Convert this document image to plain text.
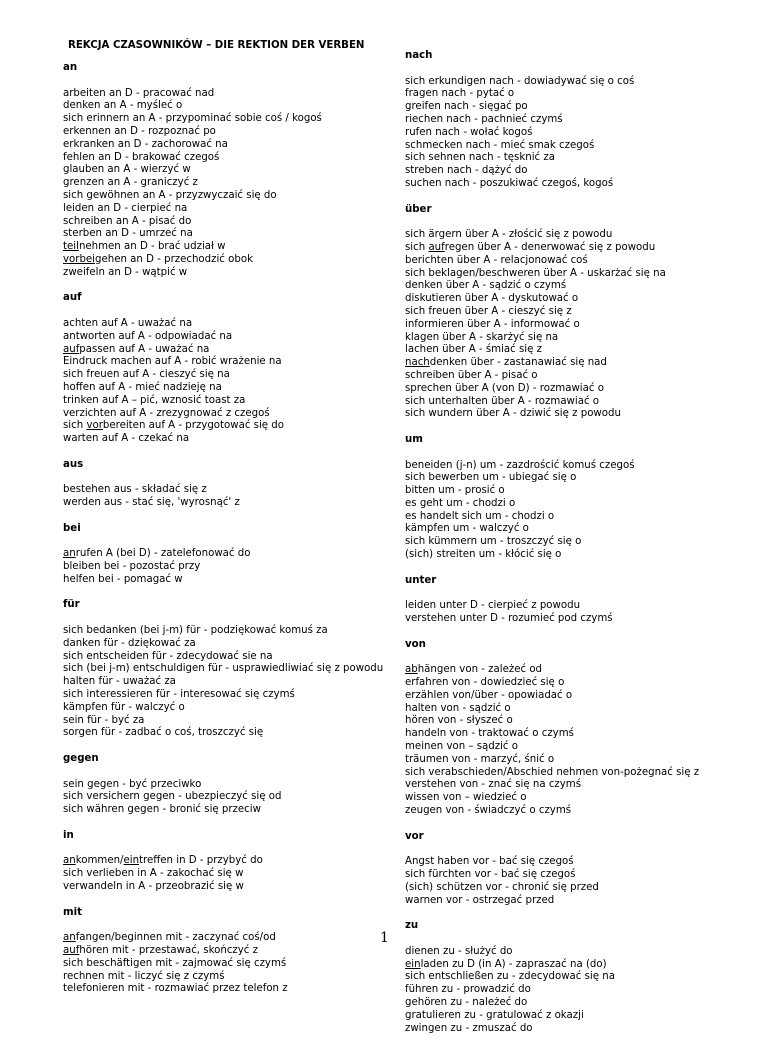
REKCJA CZASOWNIKÓW – DIE REKTION DER VERBEN
an
arbeiten an D - pracować nad
denken an A - myśleć o
sich erinnern an A - przypominać sobie coś / kogoś
erkennen an D - rozpoznać po
erkranken an D - zachorować na
fehlen an D - brakować czegoś
glauben an A - wierzyć w
grenzen an A - graniczyć z
sich gewöhnen an A - przyzwyczaić się do
leiden an D - cierpieć na
schreiben an A - pisać do
sterben an D - umrzeć na
teilnehmen an D - brać udział w
vorbeigehen an D - przechodzić obok
zweifeln an D - wątpić w
auf
achten auf A - uważać na
antworten auf A - odpowiadać na
aufpassen auf A - uważać na
Eindruck machen auf A - robić wrażenie na
sich freuen auf A - cieszyć się na
hoffen auf A - mieć nadzieję na
trinken auf A – pić, wznosić toast za
verzichten auf A - zrezygnować z czegoś
sich vorbereiten auf A - przygotować się do
warten auf A - czekać na
aus
bestehen aus - składać się z
werden aus - stać się, 'wyrosnąć' z
bei
anrufen A (bei D) - zatelefonować do
bleiben bei - pozostać przy
helfen bei - pomagać w
für
sich bedanken (bei j-m) für - podziękować komuś za
danken für - dziękować za
sich entscheiden für - zdecydować sie na
sich (bei j-m) entschuldigen für - usprawiedliwiać się z powodu
halten für - uważać za
sich interessieren für - interesować się czymś
kämpfen für - walczyć o
sein für - być za
sorgen für - zadbać o coś, troszczyć się
gegen
sein gegen - być przeciwko
sich versichern gegen - ubezpieczyć się od
sich währen gegen - bronić się przeciw
in
ankommen/eintreffen in D - przybyć do
sich verlieben in A - zakochać się w
verwandeln in A - przeobrazić się w
mit
anfangen/beginnen mit - zaczynać coś/od
aufhören mit - przestawać, skończyć z
sich beschäftigen mit - zajmować się czymś
rechnen mit - liczyć się z czymś
telefonieren mit - rozmawiać przez telefon z
nach
sich erkundigen nach - dowiadywać się o coś
fragen nach - pytać o
greifen nach - sięgać po
riechen nach - pachnieć czymś
rufen nach - wołać kogoś
schmecken nach - mieć smak czegoś
sich sehnen nach - tęsknić za
streben nach - dążyć do
suchen nach - poszukiwać czegoś, kogoś
über
sich ärgern über A - złościć się z powodu
sich aufregen über A - denerwować się z powodu
berichten über A - relacjonować coś
sich beklagen/beschweren über A - uskarżać się na
denken über A - sądzić o czymś
diskutieren über A - dyskutować o
sich freuen über A - cieszyć się z
informieren über A - informować o
klagen über A - skarżyć się na
lachen über A - śmiać się z
nachdenken über - zastanawiać się nad
schreiben über A - pisać o
sprechen über A (von D) - rozmawiać o
sich unterhalten über A - rozmawiać o
sich wundern über A - dziwić się z powodu
um
beneiden (j-n) um - zazdrościć komuś czegoś
sich bewerben um - ubiegać się o
bitten um - prosić o
es geht um - chodzi o
es handelt sich um - chodzi o
kämpfen um - walczyć o
sich kümmern um - troszczyć się o
(sich) streiten um - kłócić się o
unter
leiden unter D - cierpieć z powodu
verstehen unter D - rozumieć pod czymś
von
abhängen von - zależeć od
erfahren von - dowiedzieć się o
erzählen von/über - opowiadać o
halten von - sądzić o
hören von - słyszeć o
handeln von - traktować o czymś
meinen von – sądzić o
träumen von - marzyć, śnić o
sich verabschieden/Abschied nehmen von-pożegnać się z
verstehen von - znać się na czymś
wissen von – wiedzieć o
zeugen von - świadczyć o czymś
vor
Angst haben vor - bać się czegoś
sich fürchten vor - bać się czegoś
(sich) schützen vor - chronić się przed
warnen vor - ostrzegać przed
zu
dienen zu - służyć do
einladen zu D (in A) - zapraszać na (do)
sich entschließen zu - zdecydować się na
führen zu - prowadzić do
gehören zu - należeć do
gratulieren zu - gratulować z okazji
zwingen zu - zmuszać do
1
